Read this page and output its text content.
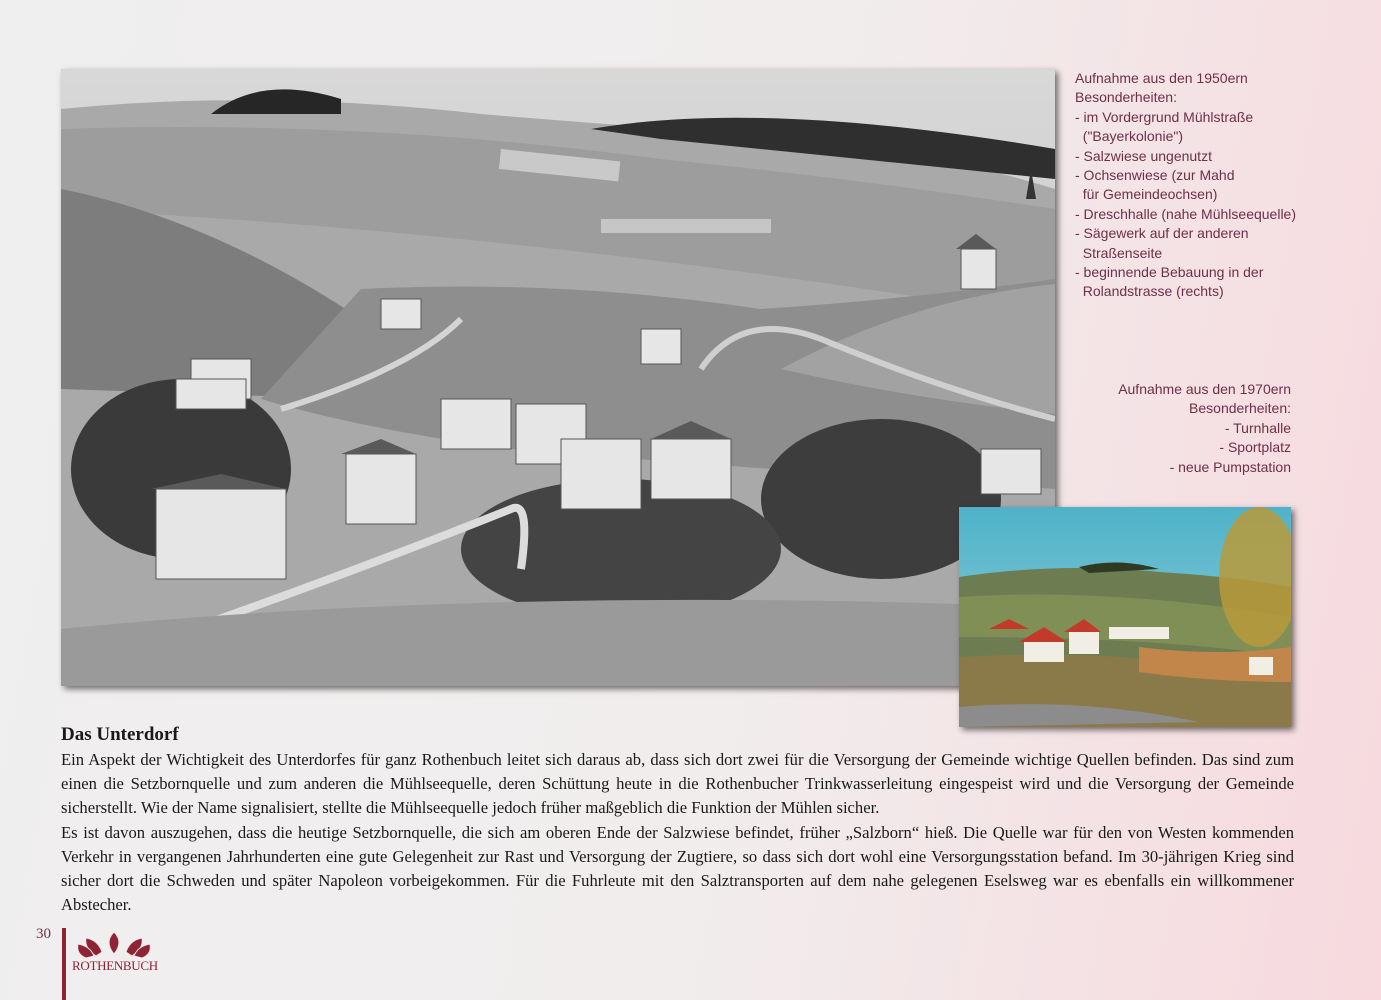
Aufnahme aus den 1950ern
Besonderheiten:
- im Vordergrund Mühlstraße
("Bayerkolonie")
- Salzwiese ungenutzt
- Ochsenwiese (zur Mahd
für Gemeindeochsen)
- Dreschhalle (nahe Mühlseequelle)
- Sägewerk auf der anderen
Straßenseite
- beginnende Bebauung in der
Rolandstrasse (rechts)
Aufnahme aus den 1970ern
Besonderheiten:
- Turnhalle
- Sportplatz
- neue Pumpstation
Das Unterdorf

Ein Aspekt der Wichtigkeit des Unterdorfes für ganz Rothenbuch leitet sich daraus ab, dass sich dort zwei für die Versorgung der Gemeinde wichtige Quellen befinden. Das sind zum einen die Setzbornquelle und zum anderen die Mühlseequelle, deren Schüttung heute in die Rothenbucher Trinkwasserleitung eingespeist wird und die Versorgung der Gemeinde sicherstellt. Wie der Name signalisiert, stellte die Mühlseequelle jedoch früher maßgeblich die Funktion der Mühlen sicher.

Es ist davon auszugehen, dass die heutige Setzbornquelle, die sich am oberen Ende der Salzwiese befindet, früher „Salzborn“ hieß. Die Quelle war für den von Westen kommenden Verkehr in vergangenen Jahrhunderten eine gute Gelegenheit zur Rast und Versorgung der Zugtiere, so dass sich dort wohl eine Versorgungsstation befand. Im 30-jährigen Krieg sind sicher dort die Schweden und später Napoleon vorbeigekommen. Für die Fuhrleute mit den Salztransporten auf dem nahe gelegenen Eselsweg war es ebenfalls ein willkommener Abstecher.

30
ROTHENBUCH
